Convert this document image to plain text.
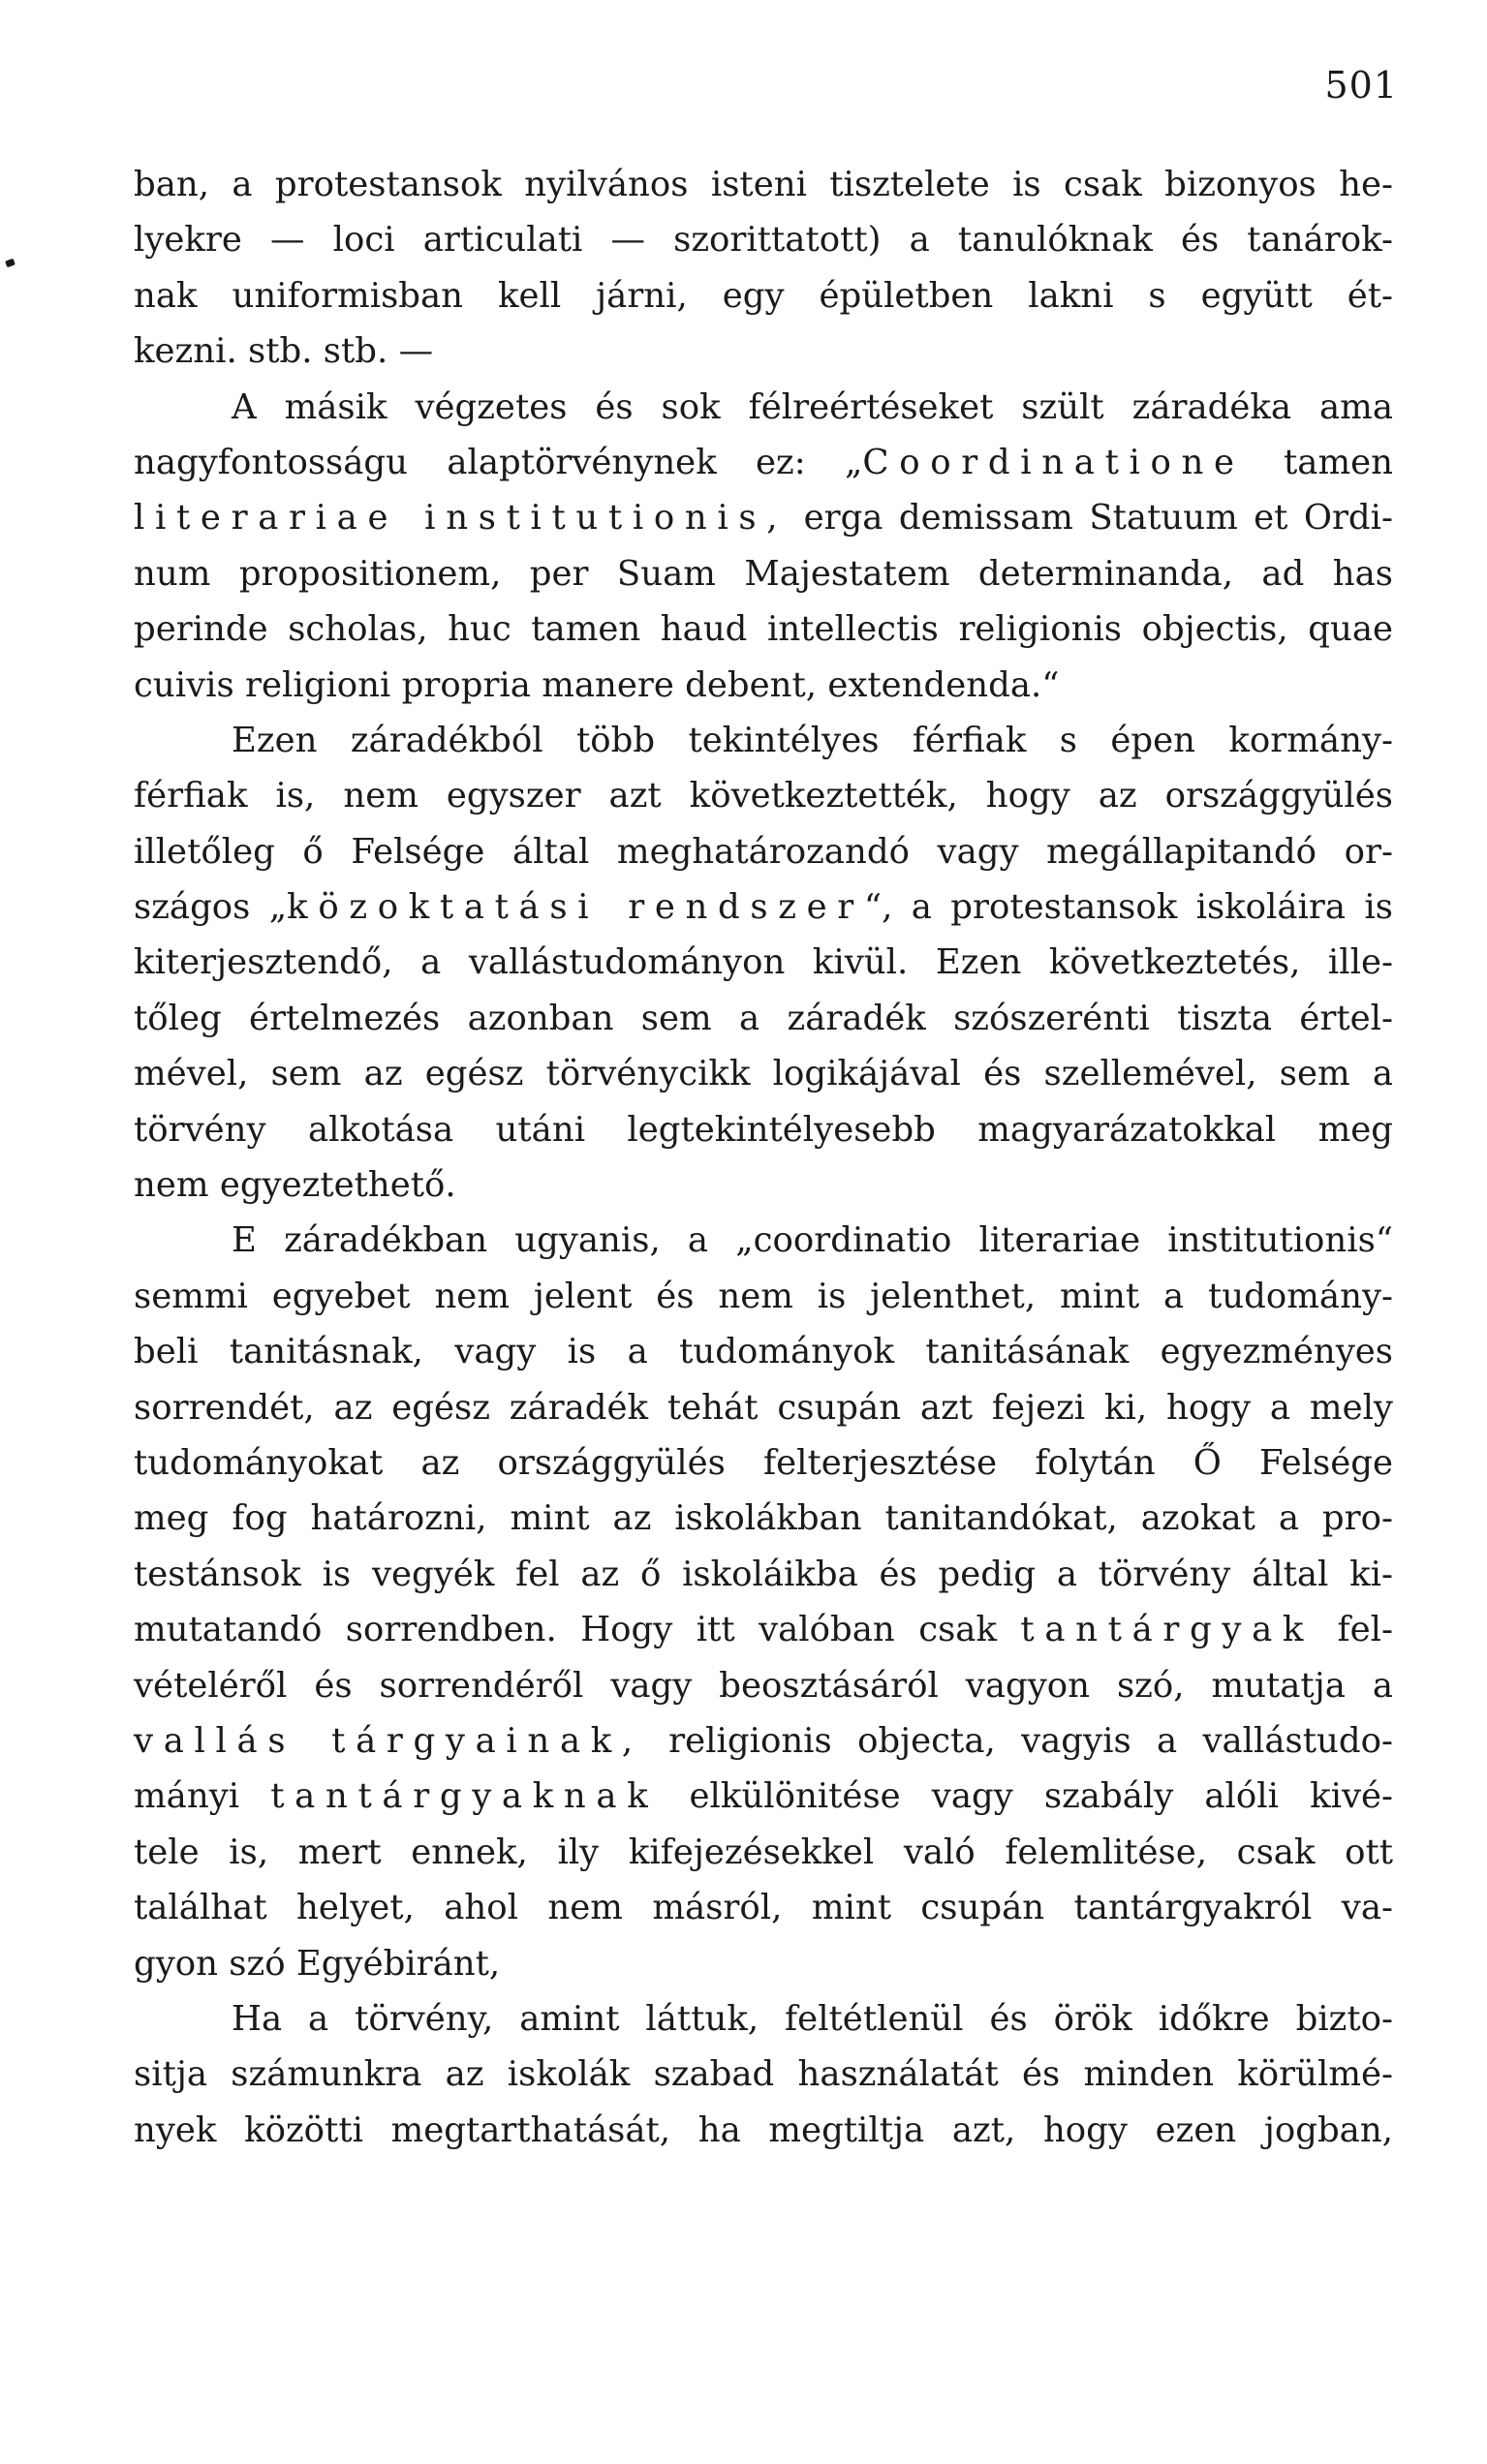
501
ban, a protestansok nyilvános isteni tisztelete is csak bizonyos he-
lyekre — loci articulati — szorittatott) a tanulóknak és tanárok-
nak uniformisban kell járni, egy épületben lakni s együtt ét-
kezni. stb. stb. —
A másik végzetes és sok félreértéseket szült záradéka ama
nagyfontosságu alaptörvénynek ez: „Coordinatione tamen
literariae institutionis, erga demissam Statuum et Ordi-
num propositionem, per Suam Majestatem determinanda, ad has
perinde scholas, huc tamen haud intellectis religionis objectis, quae
cuivis religioni propria manere debent, extendenda.“
Ezen záradékból több tekintélyes férfiak s épen kormány-
férfiak is, nem egyszer azt következtették, hogy az országgyülés
illetőleg ő Felsége által meghatározandó vagy megállapitandó or-
szágos „közoktatási rendszer“, a protestansok iskoláira is
kiterjesztendő, a vallástudományon kivül. Ezen következtetés, ille-
tőleg értelmezés azonban sem a záradék szószerénti tiszta értel-
mével, sem az egész törvénycikk logikájával és szellemével, sem a
törvény alkotása utáni legtekintélyesebb magyarázatokkal meg
nem egyeztethető.
E záradékban ugyanis, a „coordinatio literariae institutionis“
semmi egyebet nem jelent és nem is jelenthet, mint a tudomány-
beli tanitásnak, vagy is a tudományok tanitásának egyezményes
sorrendét, az egész záradék tehát csupán azt fejezi ki, hogy a mely
tudományokat az országgyülés felterjesztése folytán Ő Felsége
meg fog határozni, mint az iskolákban tanitandókat, azokat a pro-
testánsok is vegyék fel az ő iskoláikba és pedig a törvény által ki-
mutatandó sorrendben. Hogy itt valóban csak tantárgyak fel-
vételéről és sorrendéről vagy beosztásáról vagyon szó, mutatja a
vallás tárgyainak, religionis objecta, vagyis a vallástudo-
mányi tantárgyaknak elkülönitése vagy szabály alóli kivé-
tele is, mert ennek, ily kifejezésekkel való felemlitése, csak ott
találhat helyet, ahol nem másról, mint csupán tantárgyakról va-
gyon szó Egyébiránt,
Ha a törvény, amint láttuk, feltétlenül és örök időkre bizto-
sitja számunkra az iskolák szabad használatát és minden körülmé-
nyek közötti megtarthatását, ha megtiltja azt, hogy ezen jogban,
